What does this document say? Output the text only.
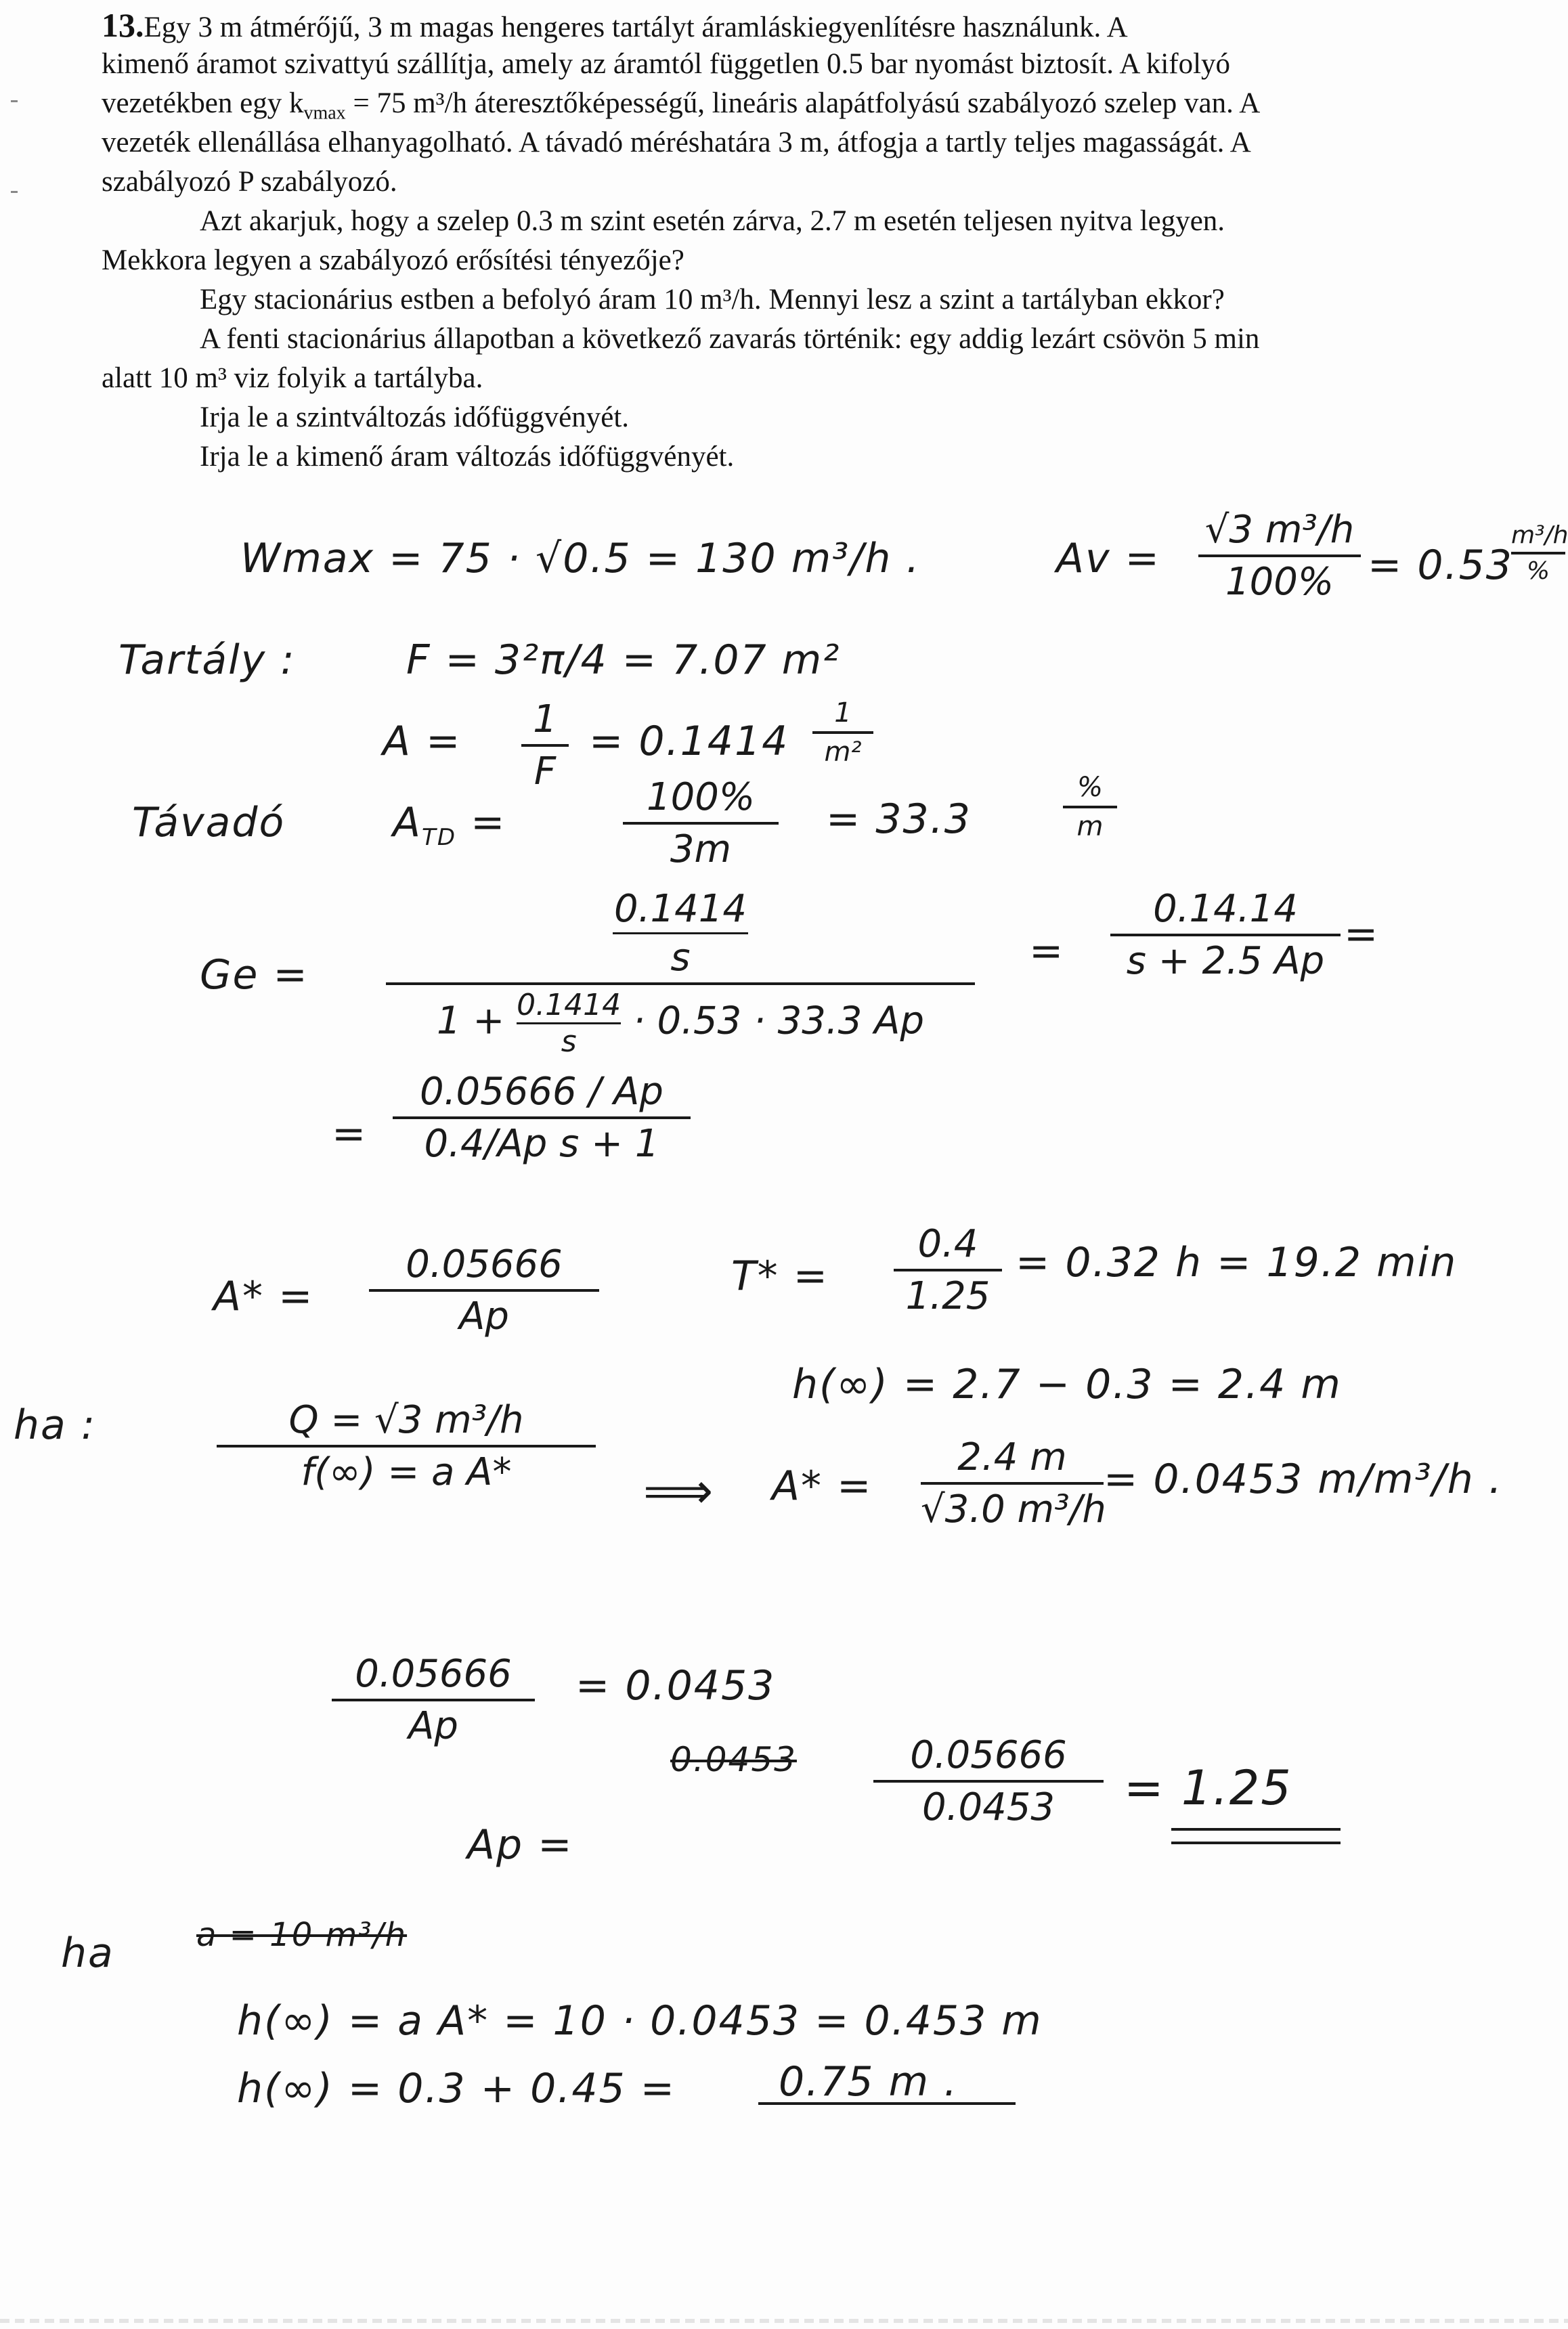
13.Egy 3 m átmérőjű, 3 m magas hengeres tartályt áramláskiegyenlítésre használunk. A
kimenő áramot szivattyú szállítja, amely az áramtól független 0.5 bar nyomást biztosít. A kifolyó
vezetékben egy $k_{vmax} = 75$ m³/h áteresztőképességű, lineáris alapátfolyású szabályozó szelep van. A
vezeték ellenállása elhanyagolható. A távadó méréshatára 3 m, átfogja a tartly teljes magasságát. A
szabályozó P szabályozó.
Azt akarjuk, hogy a szelep 0.3 m szint esetén zárva, 2.7 m esetén teljesen nyitva legyen.
Mekkora legyen a szabályozó erősítési tényezője?
Egy stacionárius estben a befolyó áram 10 m³/h. Mennyi lesz a szint a tartályban ekkor?
A fenti stacionárius állapotban a következő zavarás történik: egy addig lezárt csövön 5 min
alatt 10 m³ viz folyik a tartályba.
Irja le a szintváltozás időfüggvényét.
Irja le a kimenő áram változás időfüggvényét.
Wmax = 75 · √0.5 = 130 m³/h .	Av =
√3 m³/h
100% = 0.53
m³/h
%
Tartály :	F = 3²π/4 = 7.07 m²
A =	1
F
= 0.1414
1
m²
Távadó	$A_{TD}$ =
100%
3m
= 33.3
%
m
Ge =	$\frac{0.1414}{s}$
$1 + \frac{0.1414}{s} \cdot 0.53 \cdot 33.3$ Ap
=
0.14.14
s + 2.5 Ap
=
=
0.05666 / Ap
0.4/Ap s + 1
A* =
0.05666
Ap
T* =
0.4
1.25
= 0.32 h = 19.2 min
h(∞) = 2.7 − 0.3 = 2.4 m
ha :	Q = √3 m³/h
f(∞) = a A*	⟹ A* =
2.4 m
√3.0 m³/h
= 0.0453 m/m³/h .
0.05666
Ap
= 0.0453
Ap =
0.0453	0.05666
0.0453	= 1.25
ha	a = 10 m³/h
h(∞) = a A* = 10 · 0.0453 = 0.453 m
h(∞) = 0.3 + 0.45 =	0.75 m .
